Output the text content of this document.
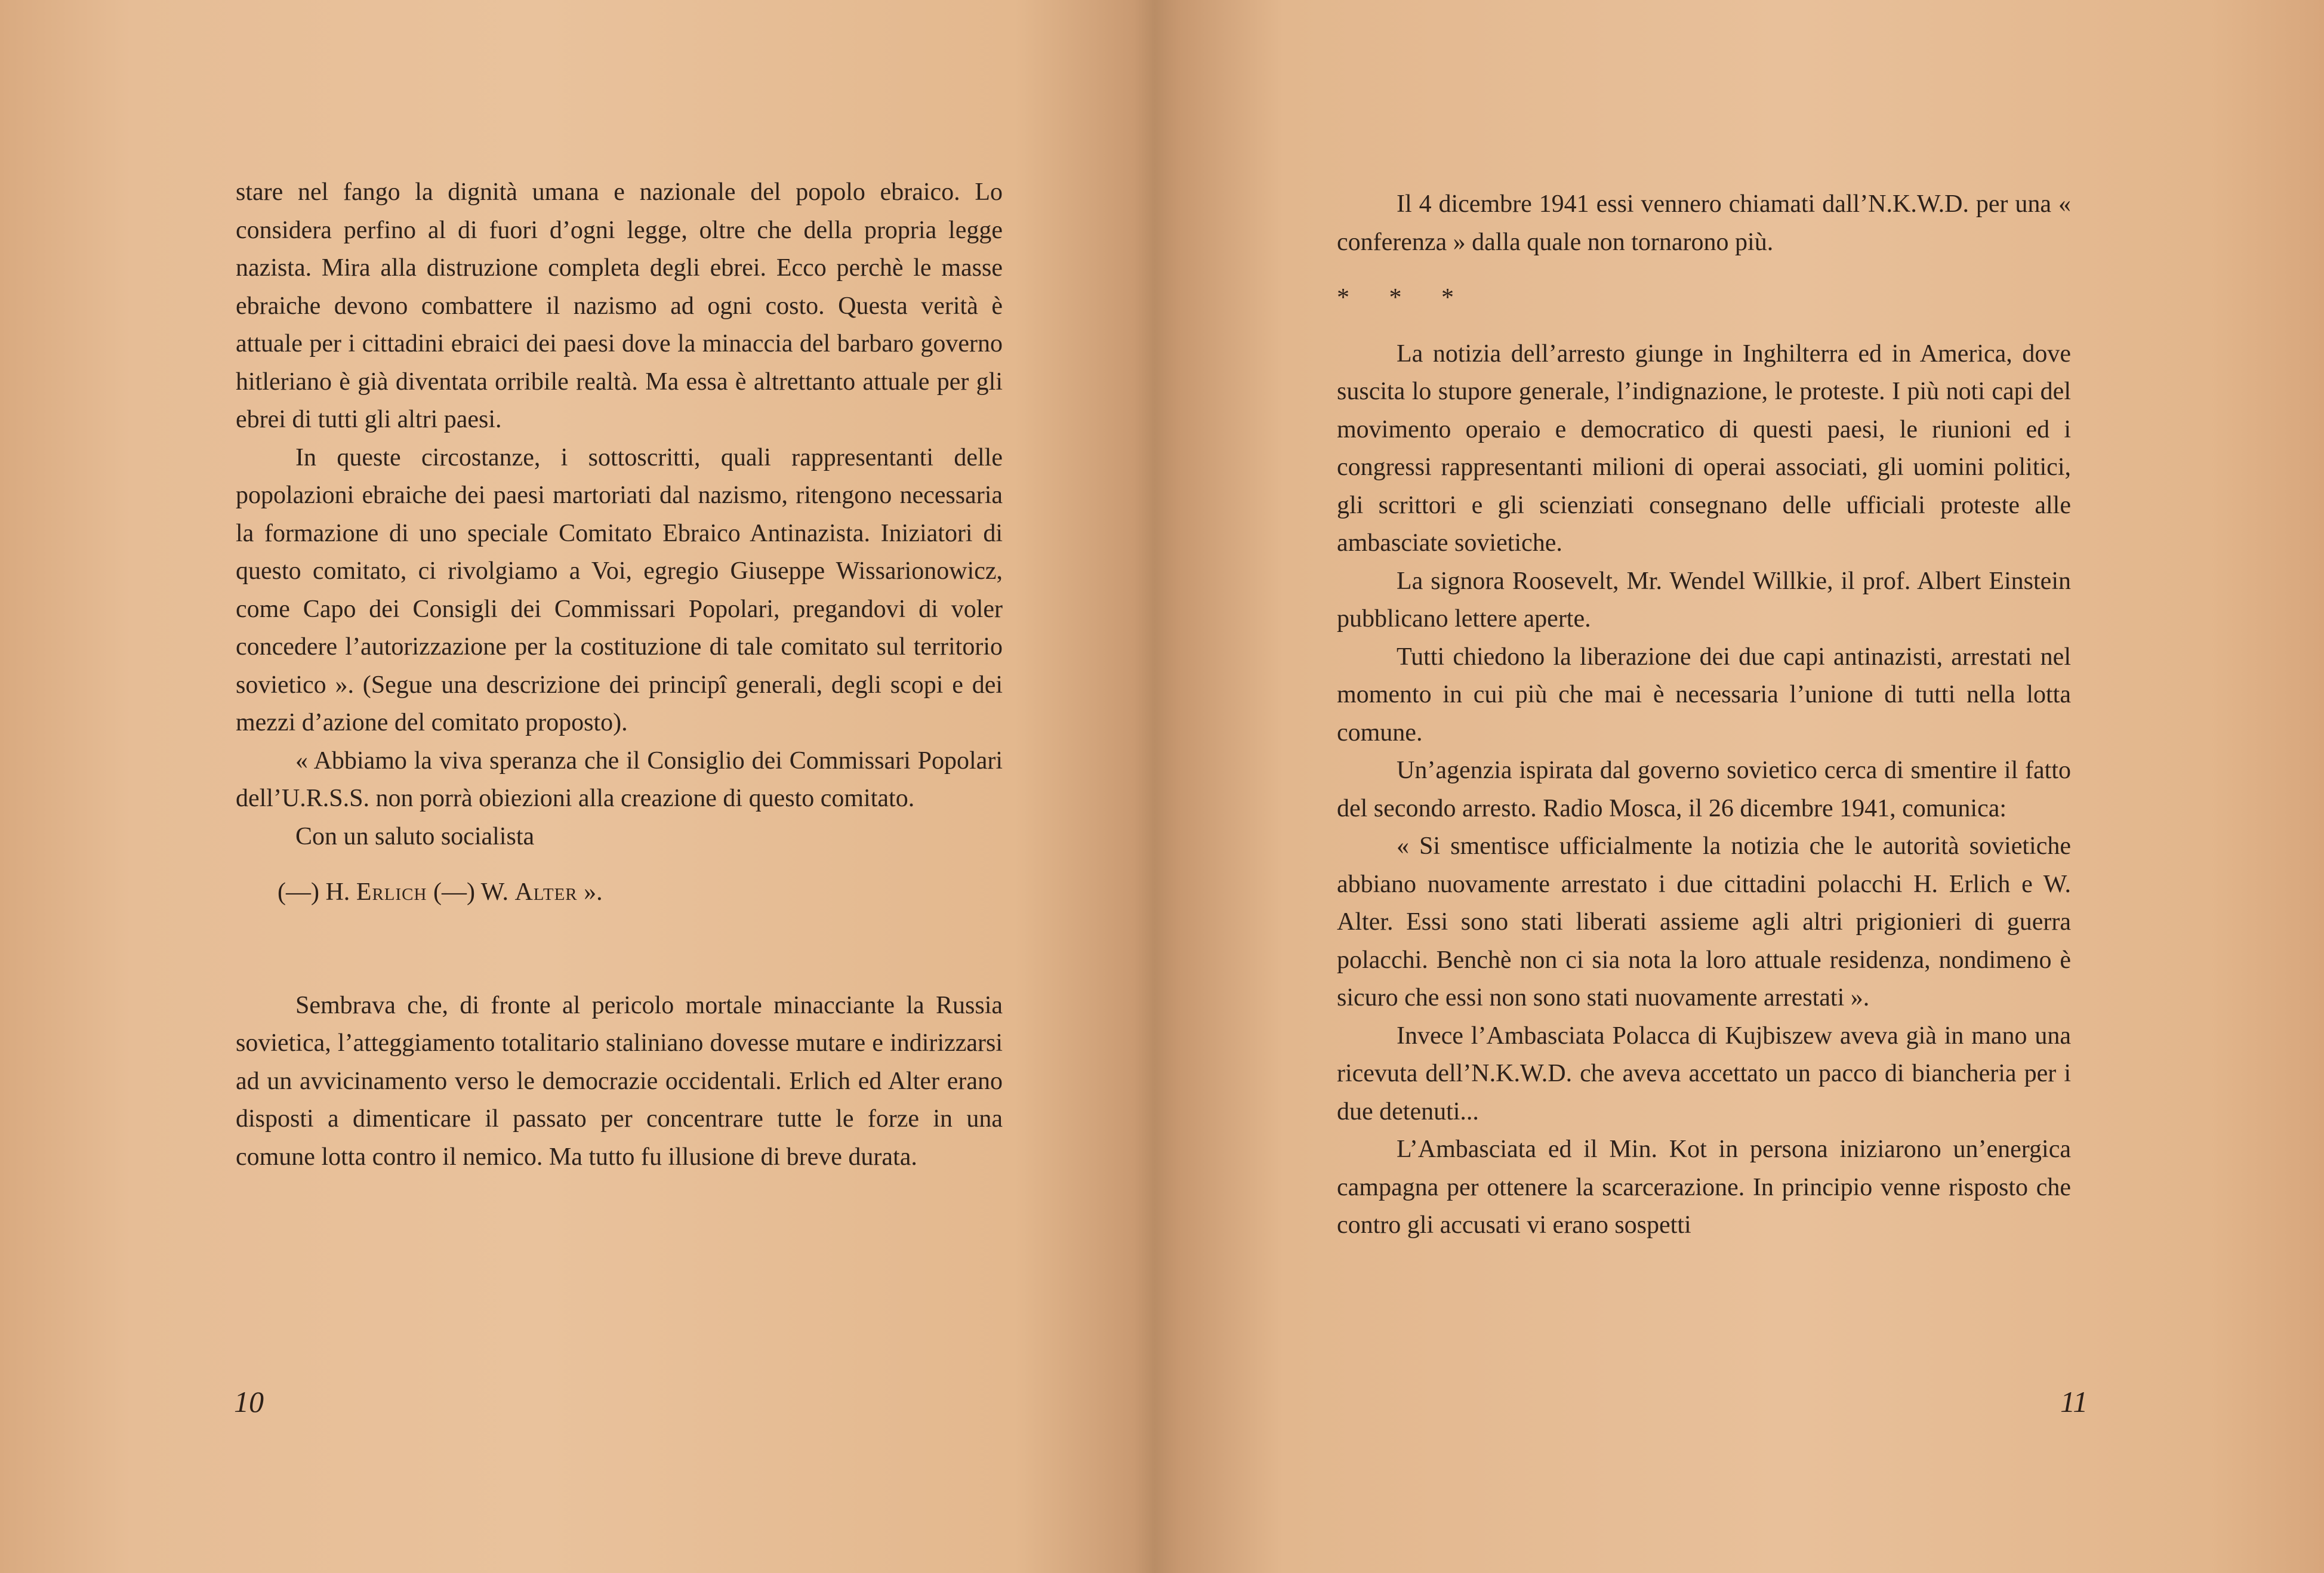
stare nel fango la dignità umana e nazionale del popolo ebraico. Lo considera perfino al di fuori d’ogni legge, oltre che della propria legge nazista. Mira alla distruzione completa degli ebrei. Ecco perchè le masse ebraiche devono combattere il nazismo ad ogni costo. Questa verità è attuale per i cittadini ebraici dei paesi dove la minaccia del barbaro governo hitleriano è già diventata orribile realtà. Ma essa è altrettanto attuale per gli ebrei di tutti gli altri paesi.

In queste circostanze, i sottoscritti, quali rappresentanti delle popolazioni ebraiche dei paesi martoriati dal nazismo, ritengono necessaria la formazione di uno speciale Comitato Ebraico Antinazista. Iniziatori di questo comitato, ci rivolgiamo a Voi, egregio Giuseppe Wissarionowicz, come Capo dei Consigli dei Commissari Popolari, pregandovi di voler concedere l’autorizzazione per la costituzione di tale comitato sul territorio sovietico ». (Segue una descrizione dei principî generali, degli scopi e dei mezzi d’azione del comitato proposto).

« Abbiamo la viva speranza che il Consiglio dei Commissari Popolari dell’U.R.S.S. non porrà obiezioni alla creazione di questo comitato.

Con un saluto socialista

(—) H. Erlich (—) W. Alter ».

Sembrava che, di fronte al pericolo mortale minacciante la Russia sovietica, l’atteggiamento totalitario staliniano dovesse mutare e indirizzarsi ad un avvicinamento verso le democrazie occidentali. Erlich ed Alter erano disposti a dimenticare il passato per concentrare tutte le forze in una comune lotta contro il nemico. Ma tutto fu illusione di breve durata.

10

Il 4 dicembre 1941 essi vennero chiamati dall’N.K.W.D. per una « conferenza » dalla quale non tornarono più.

* * *

La notizia dell’arresto giunge in Inghilterra ed in America, dove suscita lo stupore generale, l’indignazione, le proteste. I più noti capi del movimento operaio e democratico di questi paesi, le riunioni ed i congressi rappresentanti milioni di operai associati, gli uomini politici, gli scrittori e gli scienziati consegnano delle ufficiali proteste alle ambasciate sovietiche.

La signora Roosevelt, Mr. Wendel Willkie, il prof. Albert Einstein pubblicano lettere aperte.

Tutti chiedono la liberazione dei due capi antinazisti, arrestati nel momento in cui più che mai è necessaria l’unione di tutti nella lotta comune.

Un’agenzia ispirata dal governo sovietico cerca di smentire il fatto del secondo arresto. Radio Mosca, il 26 dicembre 1941, comunica:

« Si smentisce ufficialmente la notizia che le autorità sovietiche abbiano nuovamente arrestato i due cittadini polacchi H. Erlich e W. Alter. Essi sono stati liberati assieme agli altri prigionieri di guerra polacchi. Benchè non ci sia nota la loro attuale residenza, nondimeno è sicuro che essi non sono stati nuovamente arrestati ».

Invece l’Ambasciata Polacca di Kujbiszew aveva già in mano una ricevuta dell’N.K.W.D. che aveva accettato un pacco di biancheria per i due detenuti...

L’Ambasciata ed il Min. Kot in persona iniziarono un’energica campagna per ottenere la scarcerazione. In principio venne risposto che contro gli accusati vi erano sospetti

11
